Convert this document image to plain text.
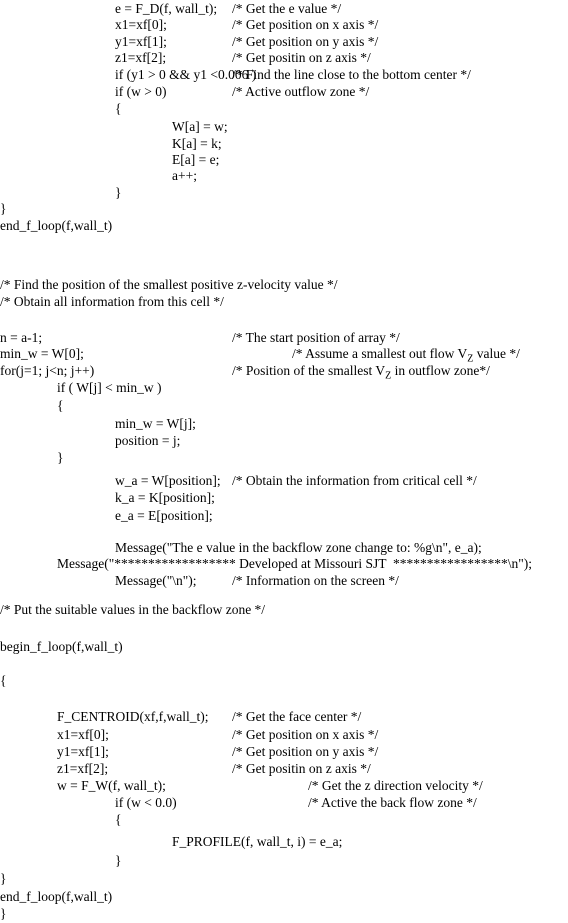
e = F_D(f, wall_t); /* Get the e value */
x1=xf[0];	/* Get position on x axis */
y1=xf[1];	/* Get position on y axis */
z1=xf[2];	/* Get positin on z axis */
if (y1 > 0 && y1 <0.006 )
/* Find the line close to the bottom center */
if (w > 0)	/* Active outflow zone */
{
W[a] = w;
K[a] = k;
E[a] = e;
a++;
}
}
end_f_loop(f,wall_t)
/* Find the position of the smallest positive z-velocity value */
/* Obtain all information from this cell */
n = a-1;	/* The start position of array */
min_w = W[0];	/* Assume a smallest out flow $V_Z$ value */
for(j=1; j<n; j++)	/* Position of the smallest $V_Z$ in outflow zone*/
if ( W[j] < min_w )
{
min_w = W[j];
position = j;
}
w_a = W[position]; /* Obtain the information from critical cell */
k_a = K[position];
e_a = E[position];
Message("The e value in the backflow zone change to: %g\n", e_a);
Message("****************** Developed at Missouri SJT  *****************\n");
Message("\n");	/* Information on the screen */
/* Put the suitable values in the backflow zone */
begin_f_loop(f,wall_t)
{
F_CENTROID(xf,f,wall_t); /* Get the face center */
x1=xf[0];	/* Get position on x axis */
y1=xf[1];	/* Get position on y axis */
z1=xf[2];	/* Get positin on z axis */
w = F_W(f, wall_t);	/* Get the z direction velocity */
if (w < 0.0)	/* Active the back flow zone */
{
F_PROFILE(f, wall_t, i) = e_a;
}
}
end_f_loop(f,wall_t)
}
